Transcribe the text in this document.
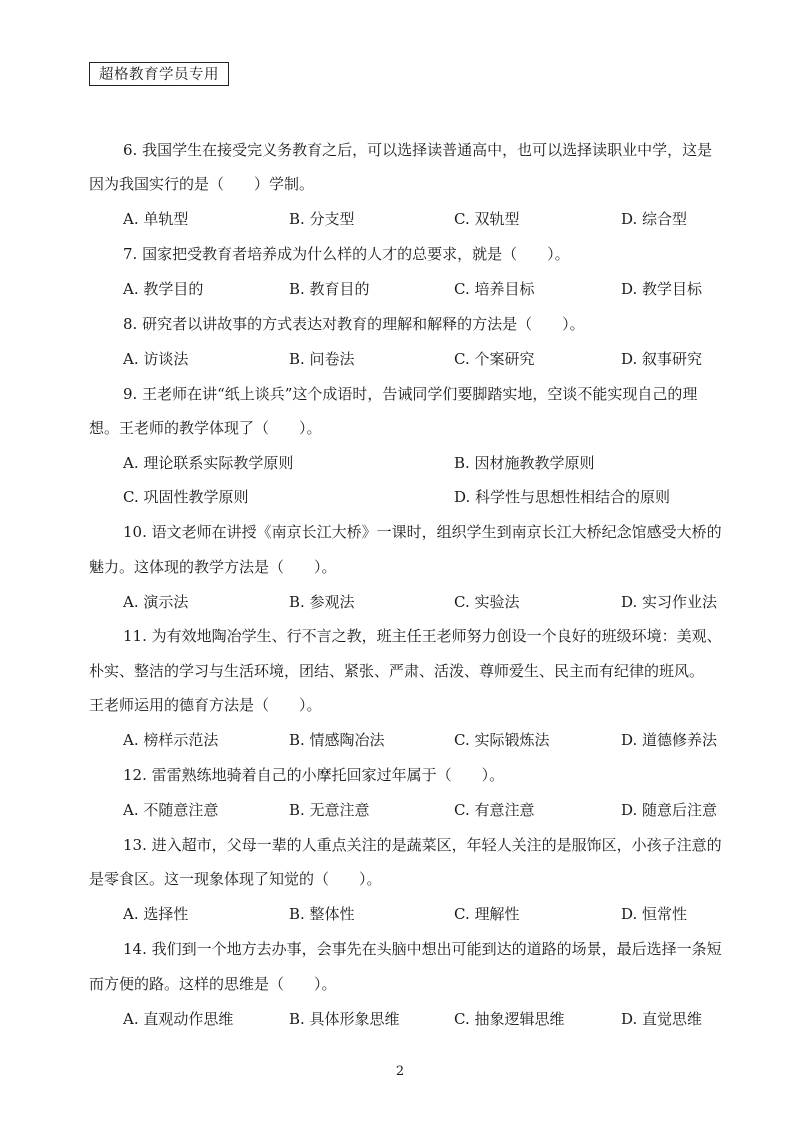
超格教育学员专用
6. 我国学生在接受完义务教育之后，可以选择读普通高中，也可以选择读职业中学，这是
因为我国实行的是（　　）学制。
A. 单轨型	B. 分支型	C. 双轨型	D. 综合型
7. 国家把受教育者培养成为什么样的人才的总要求，就是（　　）。
A. 教学目的	B. 教育目的	C. 培养目标	D. 教学目标
8. 研究者以讲故事的方式表达对教育的理解和解释的方法是（　　）。
A. 访谈法	B. 问卷法	C. 个案研究	D. 叙事研究
9. 王老师在讲“纸上谈兵”这个成语时，告诫同学们要脚踏实地，空谈不能实现自己的理
想。王老师的教学体现了（　　）。
A. 理论联系实际教学原则	B. 因材施教教学原则
C. 巩固性教学原则	D. 科学性与思想性相结合的原则
10. 语文老师在讲授《南京长江大桥》一课时，组织学生到南京长江大桥纪念馆感受大桥的
魅力。这体现的教学方法是（　　）。
A. 演示法	B. 参观法	C. 实验法	D. 实习作业法
11. 为有效地陶冶学生、行不言之教，班主任王老师努力创设一个良好的班级环境：美观、
朴实、整洁的学习与生活环境，团结、紧张、严肃、活泼、尊师爱生、民主而有纪律的班风。
王老师运用的德育方法是（　　）。
A. 榜样示范法	B. 情感陶冶法	C. 实际锻炼法	D. 道德修养法
12. 雷雷熟练地骑着自己的小摩托回家过年属于（　　）。
A. 不随意注意	B. 无意注意	C. 有意注意	D. 随意后注意
13. 进入超市，父母一辈的人重点关注的是蔬菜区，年轻人关注的是服饰区，小孩子注意的
是零食区。这一现象体现了知觉的（　　）。
A. 选择性	B. 整体性	C. 理解性	D. 恒常性
14. 我们到一个地方去办事，会事先在头脑中想出可能到达的道路的场景，最后选择一条短
而方便的路。这样的思维是（　　）。
A. 直观动作思维	B. 具体形象思维	C. 抽象逻辑思维	D. 直觉思维
2
